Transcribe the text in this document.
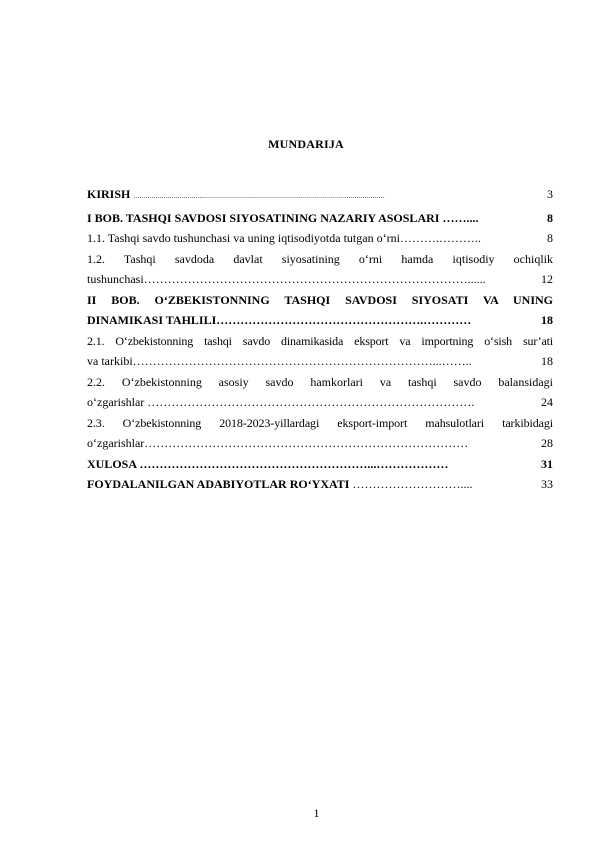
MUNDARIJA
KIRISH ..............................................................................................................................	3
I BOB. TASHQI SAVDOSI SIYOSATINING NAZARIY ASOSLARI ……....	8
1.1. Tashqi savdo tushunchasi va uning iqtisodiyotda tutgan o‘rni……….………..	8

1.2. Tashqi savdoda davlat siyosatining o‘rni hamda iqtisodiy ochiqlik

tushunchasi………………………………………………………………………......	12

II BOB. O‘ZBEKISTONNING TASHQI SAVDOSI SIYOSATI VA UNING

DINAMIKASI TAHLILI…………………………………………….…………	18

2.1. O‘zbekistonning tashqi savdo dinamikasida eksport va importning o‘sish sur’ati

va tarkibi…………………………………………………………………...……..	18

2.2. O‘zbekistonning asosiy savdo hamkorlari va tashqi savdo balansidagi

o‘zgarishlar ……………………………………………………………………….	24

2.3. O‘zbekistonning 2018-2023-yillardagi eksport-import mahsulotlari tarkibidagi

o‘zgarishlar………………………………………………………………………	28
XULOSA …………………………………………………...………………	31
FOYDALANILGAN ADABIYOTLAR RO‘YXATI ………………………....	33
1
